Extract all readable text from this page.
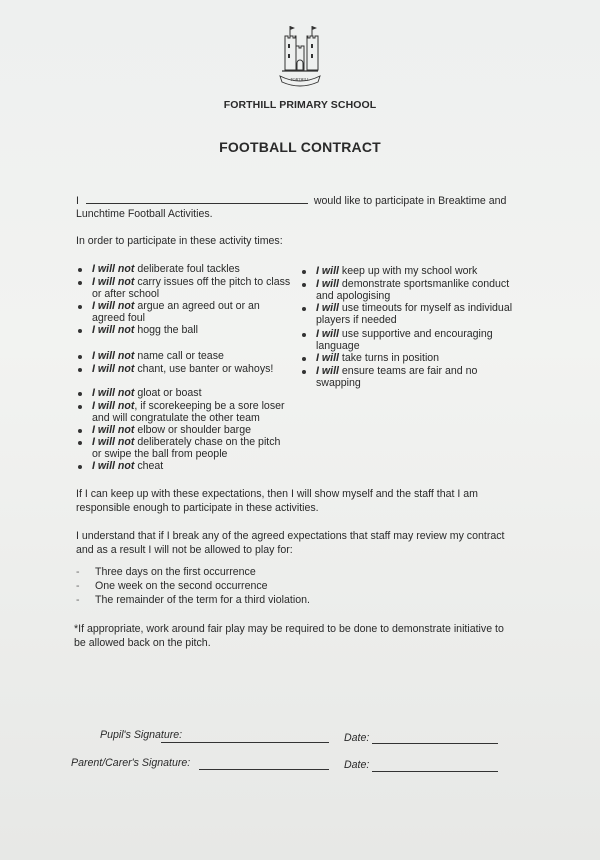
FORTHILL
FORTHILL PRIMARY SCHOOL
FOOTBALL CONTRACT
I	would like to participate in Breaktime and
Lunchtime Football Activities.
In order to participate in these activity times:
I will not deliberate foul tackles
I will not carry issues off the pitch to class
or after school
I will not argue an agreed out or an
agreed foul
I will not hogg the ball
I will not name call or tease
I will not chant, use banter or wahoys!
I will not gloat or boast
I will not, if scorekeeping be a sore loser
and will congratulate the other team
I will not elbow or shoulder barge
I will not deliberately chase on the pitch
or swipe the ball from people
I will not cheat
I will keep up with my school work
I will demonstrate sportsmanlike conduct
and apologising
I will use timeouts for myself as individual
players if needed
I will use supportive and encouraging
language
I will take turns in position
I will ensure teams are fair and no
swapping
If I can keep up with these expectations, then I will show myself and the staff that I am
responsible enough to participate in these activities.
I understand that if I break any of the agreed expectations that staff may review my contract
and as a result I will not be allowed to play for:
- Three days on the first occurrence
- One week on the second occurrence
- The remainder of the term for a third violation.
*If appropriate, work around fair play may be required to be done to demonstrate initiative to
be allowed back on the pitch.
Pupil's Signature:	Date:
Parent/Carer's Signature:	Date:
